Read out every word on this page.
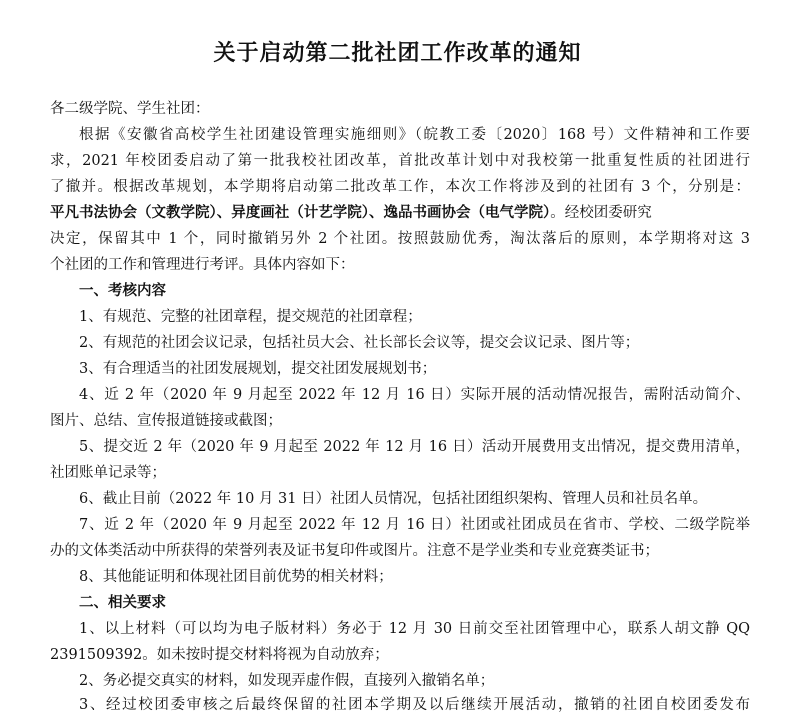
关于启动第二批社团工作改革的通知
各二级学院、学生社团：
根据《安徽省高校学生社团建设管理实施细则》（皖教工委〔2020〕168 号）文件精神和工作要
求，2021 年校团委启动了第一批我校社团改革，首批改革计划中对我校第一批重复性质的社团进行
了撤并。根据改革规划，本学期将启动第二批改革工作，本次工作将涉及到的社团有 3 个，分别是：
平凡书法协会（文教学院）、异度画社（计艺学院）、逸品书画协会（电气学院）。经校团委研究
决定，保留其中 1 个，同时撤销另外 2 个社团。按照鼓励优秀，淘汰落后的原则，本学期将对这 3
个社团的工作和管理进行考评。具体内容如下：
一、考核内容
1、有规范、完整的社团章程，提交规范的社团章程；
2、有规范的社团会议记录，包括社员大会、社长部长会议等，提交会议记录、图片等；
3、有合理适当的社团发展规划，提交社团发展规划书；
4、近 2 年（2020 年 9 月起至 2022 年 12 月 16 日）实际开展的活动情况报告，需附活动简介、
图片、总结、宣传报道链接或截图；
5、提交近 2 年（2020 年 9 月起至 2022 年 12 月 16 日）活动开展费用支出情况，提交费用清单，
社团账单记录等；
6、截止目前（2022 年 10 月 31 日）社团人员情况，包括社团组织架构、管理人员和社员名单。
7、近 2 年（2020 年 9 月起至 2022 年 12 月 16 日）社团或社团成员在省市、学校、二级学院举
办的文体类活动中所获得的荣誉列表及证书复印件或图片。注意不是学业类和专业竞赛类证书；
8、其他能证明和体现社团目前优势的相关材料；
二、相关要求
1、以上材料（可以均为电子版材料）务必于 12 月 30 日前交至社团管理中心，联系人胡文静 QQ
2391509392。如未按时提交材料将视为自动放弃；
2、务必提交真实的材料，如发现弄虚作假，直接列入撤销名单；
3、经过校团委审核之后最终保留的社团本学期及以后继续开展活动，撤销的社团自校团委发布
